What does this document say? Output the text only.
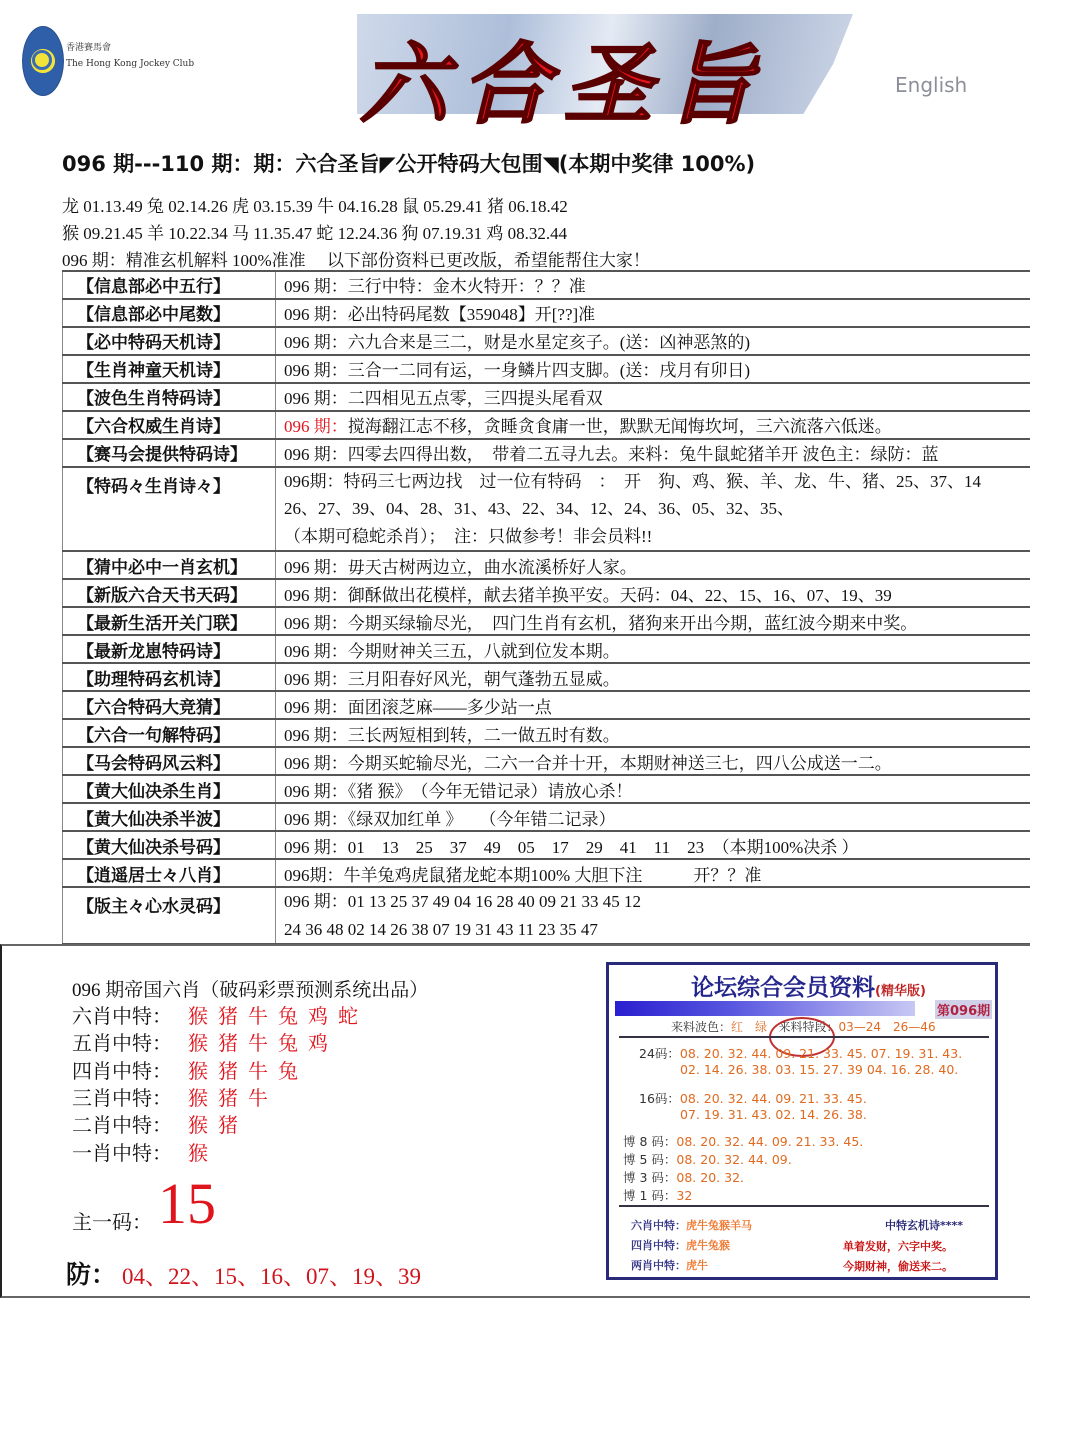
香港賽馬會
The Hong Kong Jockey Club 六合圣旨	English
096 期---110 期：期：六合圣旨◤公开特码大包围◥(本期中奖律 100%)
龙 01.13.49 兔 02.14.26 虎 03.15.39 牛 04.16.28 鼠 05.29.41 猪 06.18.42
猴 09.21.45 羊 10.22.34 马 11.35.47 蛇 12.24.36 狗 07.19.31 鸡 08.32.44
096 期：精准玄机解料 100%准准　 以下部份资料已更改版，希望能帮住大家！
【信息部必中五行】	096 期：三行中特：金木火特开：？？准
【信息部必中尾数】	096 期：必出特码尾数【359048】开[??]准
【必中特码天机诗】	096 期：六九合来是三二，财是水星定亥子。(送：凶神恶煞的)
【生肖神童天机诗】	096 期：三合一二同有运，一身鳞片四支脚。(送：戌月有卯日)
【波色生肖特码诗】	096 期：二四相见五点零，三四提头尾看双
【六合权威生肖诗】	096 期：搅海翻江志不移，贪睡贪食庸一世，默默无闻悔坎坷，三六流落六低迷。
【赛马会提供特码诗】	096 期：四零去四得出数，　带着二五寻九去。来料：兔牛鼠蛇猪羊开 波色主：绿防：蓝
【特码々生肖诗々】	096期：特码三七两边找　过一位有特码　：　开　狗、鸡、猴、羊、龙、牛、猪、25、37、14
26、27、39、04、28、31、43、22、34、12、24、36、05、32、35、
（本期可稳蛇杀肖）；　注：只做参考！非会员料!!

【猜中必中一肖玄机】	096 期：毋天古树两边立，曲水流溪桥好人家。
【新版六合天书天码】	096 期：御酥做出花模样，献去猪羊换平安。天码：04、22、15、16、07、19、39
【最新生活开关门联】	096 期：今期买绿输尽光，　四门生肖有玄机，猪狗来开出今期，蓝红波今期来中奖。
【最新龙崽特码诗】	096 期：今期财神关三五，八就到位发本期。
【助理特码玄机诗】	096 期：三月阳春好风光，朝气蓬勃五显威。
【六合特码大竞猜】	096 期：面团滚芝麻——多少站一点
【六合一句解特码】	096 期：三长两短相到转，二一做五时有数。
【马会特码风云料】	096 期：今期买蛇输尽光，二六一合并十开，本期财神送三七，四八公成送一二。
【黄大仙决杀生肖】	096 期：《猪 猴》　（今年无错记录）请放心杀！
【黄大仙决杀半波】	096 期：《绿双加红单 》　　（今年错二记录）
【黄大仙决杀号码】	096 期：01　13　25　37　49　05　17　29　41　11　23　（本期100%决杀 ）
【逍遥居士々八肖】	096期：牛羊兔鸡虎鼠猪龙蛇本期100% 大胆下注　　　开？？准
【版主々心水灵码】	096 期：01 13 25 37 49 04 16 28 40 09 21 33 45 12
24 36 48 02 14 26 38 07 19 31 43 11 23 35 47
096 期帝国六肖（破码彩票预测系统出品）
六肖中特： 猴猪牛兔鸡蛇
五肖中特： 猴猪牛兔鸡
四肖中特： 猴猪牛兔
三肖中特： 猴猪牛
二肖中特： 猴猪
一肖中特： 猴
主一码： 15
防： 04、22、15、16、07、19、39
论坛综合会员资料(精华版)
第096期
来料波色：红　绿 来料特段：03—24　26—46
24码：08. 20. 32. 44. 09. 21. 33. 45. 07. 19. 31. 43.
02. 14. 26. 38. 03. 15. 27. 39 04. 16. 28. 40.
16码：08. 20. 32. 44. 09. 21. 33. 45.
07. 19. 31. 43. 02. 14. 26. 38.
博 8 码：08. 20. 32. 44. 09. 21. 33. 45.
博 5 码：08. 20. 32. 44. 09.
博 3 码：08. 20. 32.
博 1 码：32
六肖中特：虎牛兔猴羊马
四肖中特：虎牛兔猴
两肖中特：虎牛
中特玄机诗****
单着发财，六字中奖。
今期财神，偷送来二。
